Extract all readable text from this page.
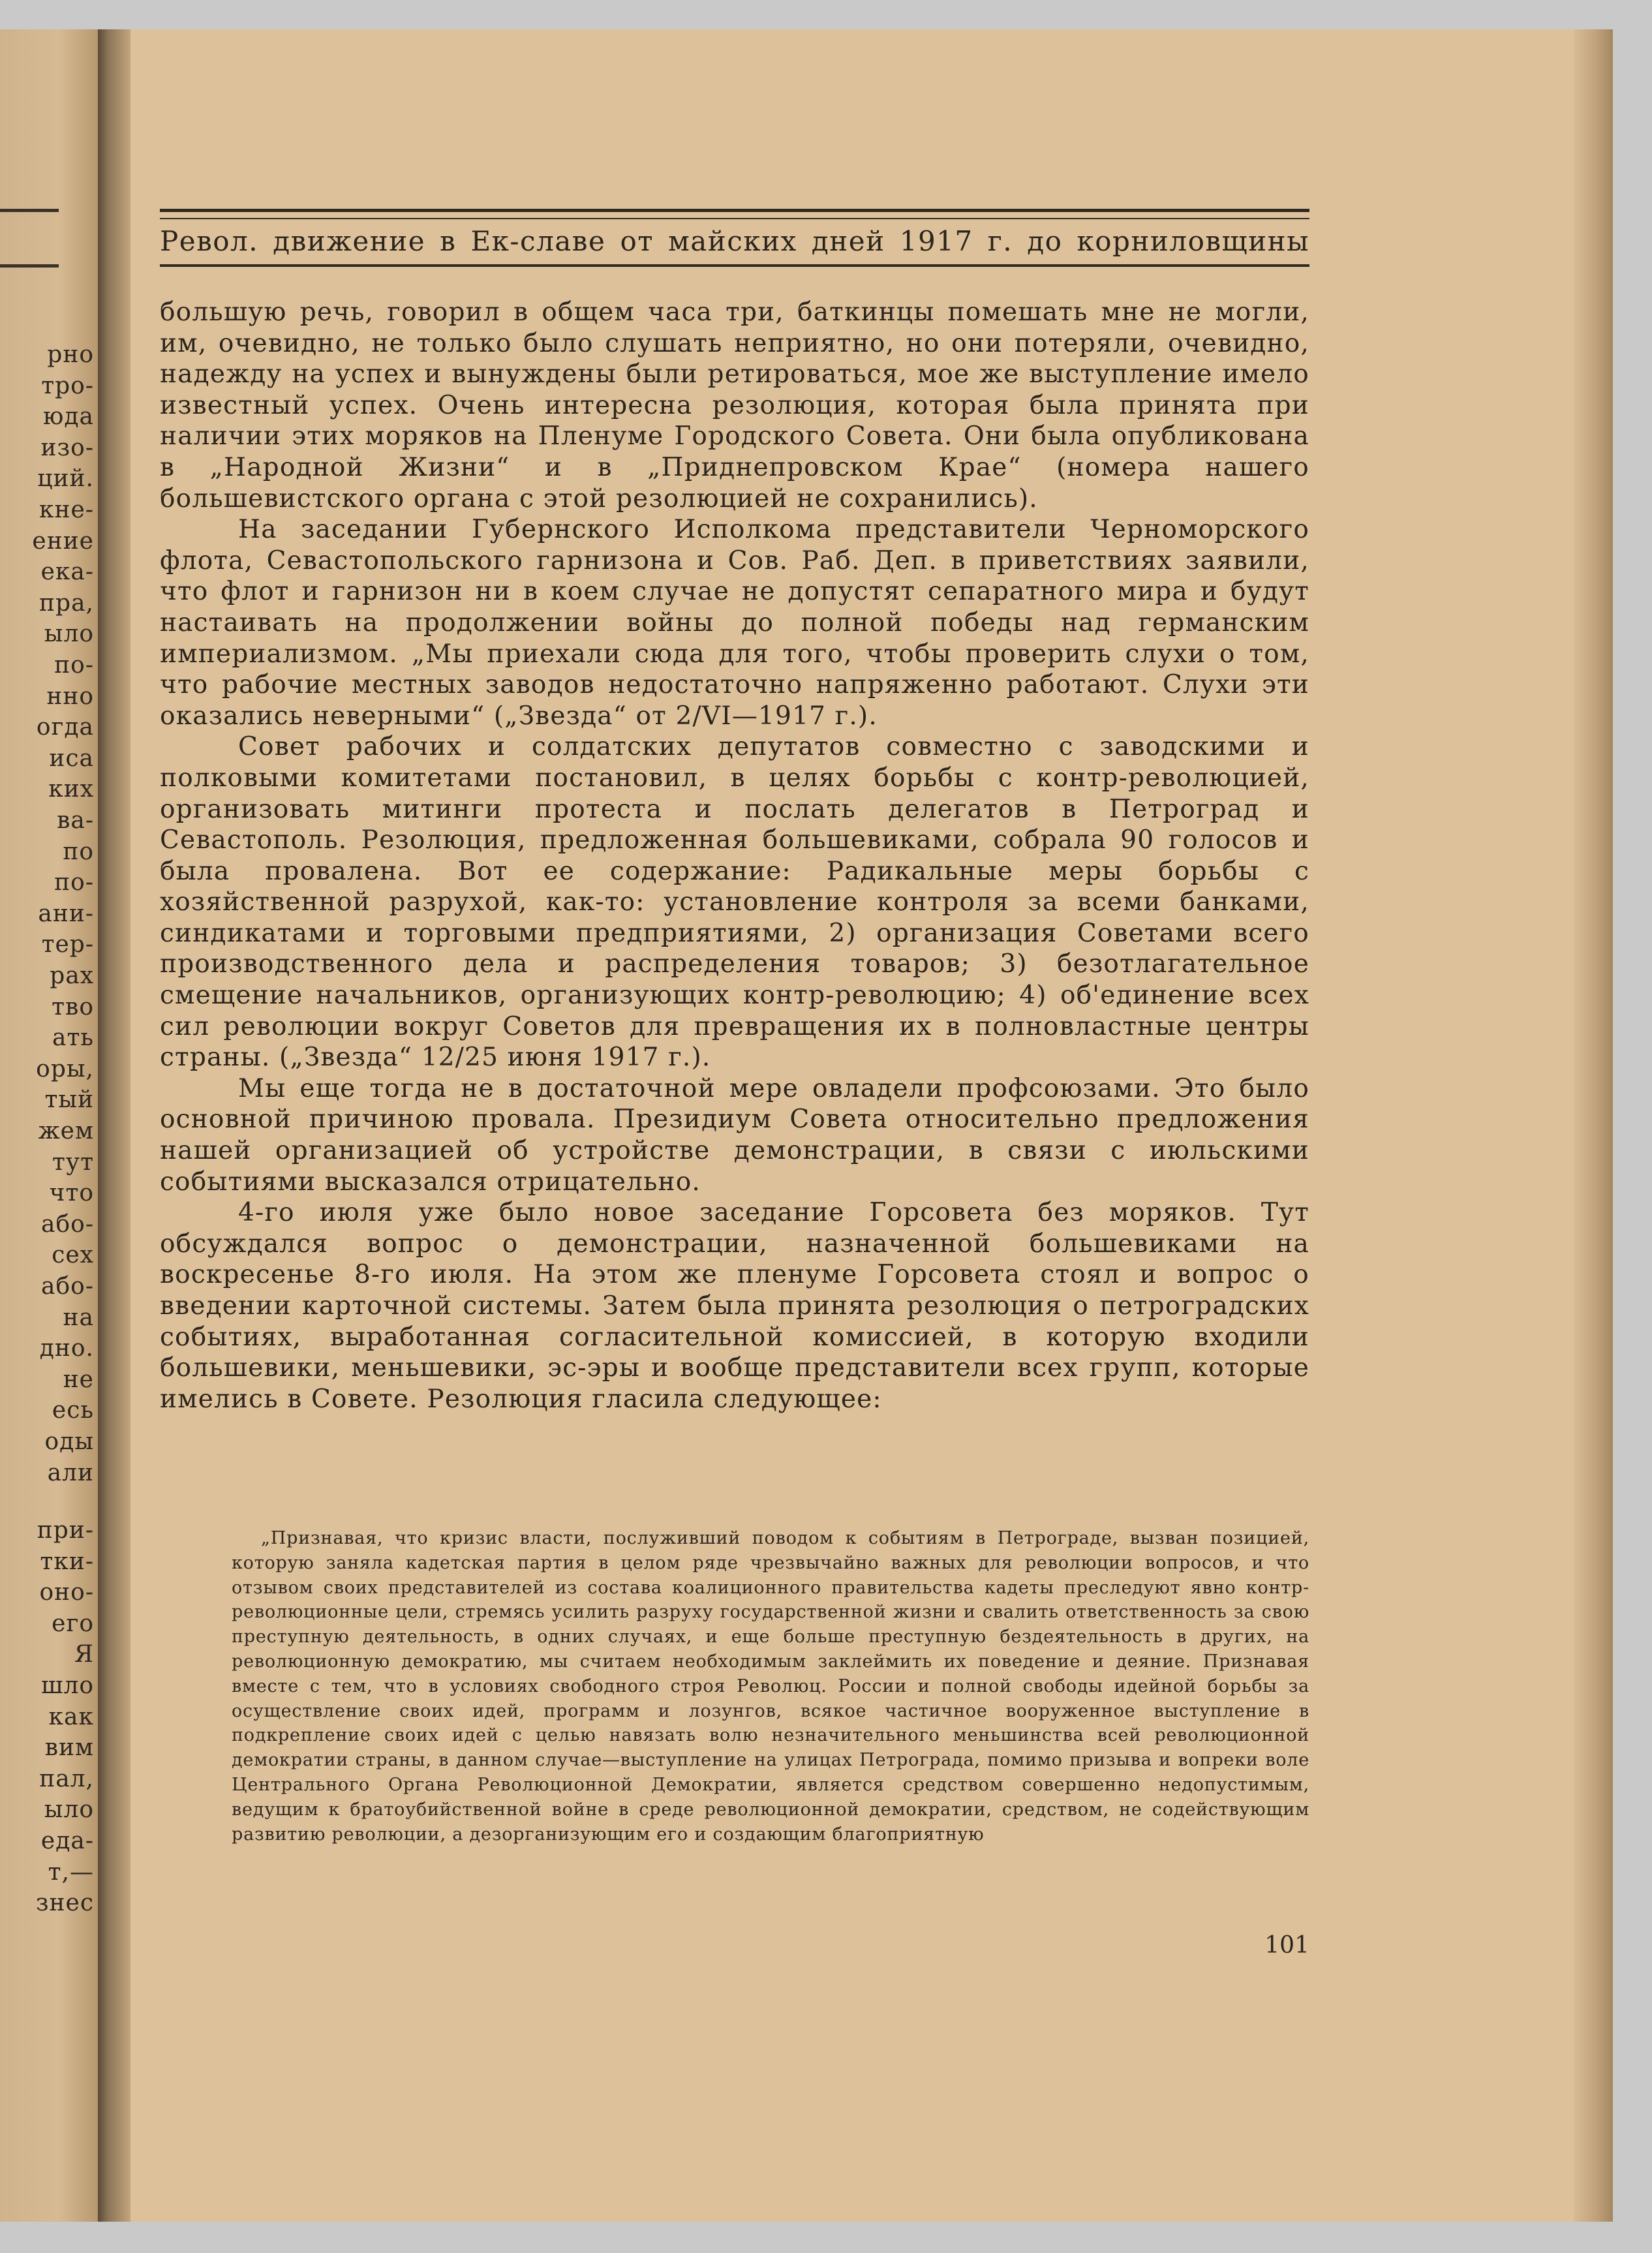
рно
тро-
юда
изо-
ций.
кне-
ение
ека-
пра,
ыло
по-
нно
огда
иса
ких
ва-
по
по-
ани-
тер-
рах
тво
ать
оры,
тый
жем
тут
что
або-
сех
або-
на
дно.
не
есь
оды
али
при-
тки-
оно-
его
Я
шло
как
вим
пал,
ыло
еда-
т,—
знес
Револ. движение в Ек-славе от майских дней 1917 г. до корниловщины

большую речь, говорил в общем часа три, баткинцы помешать мне не могли, им, очевидно, не только было слушать неприятно, но они потеряли, очевидно, надежду на успех и вынуждены были ретироваться, мое же выступление имело известный успех. Очень интересна резолюция, которая была принята при наличии этих моряков на Пленуме Городского Совета. Они была опубликована в „Народной Жизни“ и в „Приднепровском Крае“ (номера нашего большевистского органа с этой резолюцией не сохранились).

На заседании Губернского Исполкома представители Черноморского флота, Севастопольского гарнизона и Сов. Раб. Деп. в приветствиях заявили, что флот и гарнизон ни в коем случае не допустят сепаратного мира и будут настаивать на продолжении войны до полной победы над германским империализмом. „Мы приехали сюда для того, чтобы проверить слухи о том, что рабочие местных заводов недостаточно напряженно работают. Слухи эти оказались неверными“ („Звезда“ от 2/VI—1917 г.).

Совет рабочих и солдатских депутатов совместно с заводскими и полковыми комитетами постановил, в целях борьбы с контр-революцией, организовать митинги протеста и послать делегатов в Петроград и Севастополь. Резолюция, предложенная большевиками, собрала 90 голосов и была провалена. Вот ее содержание: Радикальные меры борьбы с хозяйственной разрухой, как-то: установление контроля за всеми банками, синдикатами и торговыми предприятиями, 2) организация Советами всего производственного дела и распределения товаров; 3) безотлагательное смещение начальников, организующих контр-революцию; 4) об'единение всех сил революции вокруг Советов для превращения их в полновластные центры страны. („Звезда“ 12/25 июня 1917 г.).

Мы еще тогда не в достаточной мере овладели профсоюзами. Это было основной причиною провала. Президиум Совета относительно предложения нашей организацией об устройстве демонстрации, в связи с июльскими событиями высказался отрицательно.

4-го июля уже было новое заседание Горсовета без моряков. Тут обсуждался вопрос о демонстрации, назначенной большевиками на воскресенье 8-го июля. На этом же пленуме Горсовета стоял и вопрос о введении карточной системы. Затем была принята резолюция о петроградских событиях, выработанная согласительной комиссией, в которую входили большевики, меньшевики, эс-эры и вообще представители всех групп, которые имелись в Совете. Резолюция гласила следующее:

„Признавая, что кризис власти, послуживший поводом к событиям в Петрограде, вызван позицией, которую заняла кадетская партия в целом ряде чрезвычайно важных для революции вопросов, и что отзывом своих представителей из состава коалиционного правительства кадеты преследуют явно контр-революционные цели, стремясь усилить разруху государственной жизни и свалить ответственность за свою преступную деятельность, в одних случаях, и еще больше преступную бездеятельность в других, на революционную демократию, мы считаем необходимым заклеймить их поведение и деяние. Признавая вместе с тем, что в условиях свободного строя Революц. России и полной свободы идейной борьбы за осуществление своих идей, программ и лозунгов, всякое частичное вооруженное выступление в подкрепление своих идей с целью навязать волю незначительного меньшинства всей революционной демократии страны, в данном случае—выступление на улицах Петрограда, помимо призыва и вопреки воле Центрального Органа Революционной Демократии, является средством совершенно недопустимым, ведущим к братоубийственной войне в среде революционной демократии, средством, не содействующим развитию революции, а дезорганизующим его и создающим благоприятную

101
